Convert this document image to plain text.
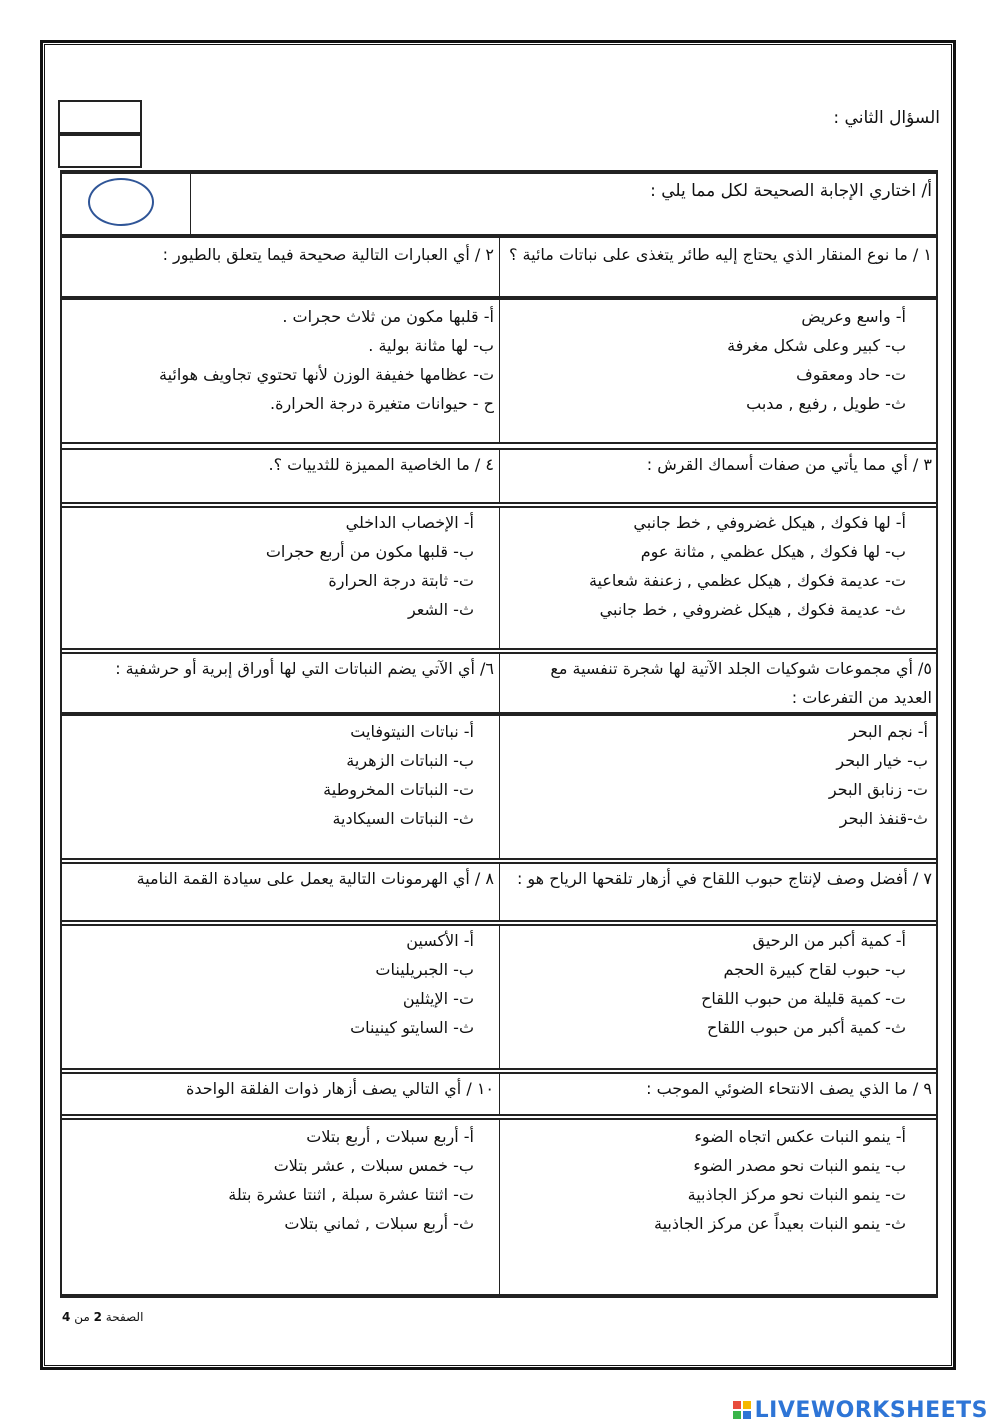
السؤال الثاني :
أ/ اختاري الإجابة الصحيحة لكل مما يلي :
١ / ما نوع المنقار الذي يحتاج إليه طائر يتغذى على نباتات مائية ؟
٢ / أي العبارات التالية صحيحة فيما يتعلق بالطيور :
أ- واسع وعريض
ب- كبير وعلى شكل مغرفة
ت- حاد ومعقوف
ث- طويل , رفيع , مدبب
أ- قلبها مكون من ثلاث حجرات .
ب- لها مثانة بولية .
ت- عظامها خفيفة الوزن لأنها تحتوي تجاويف هوائية
ح - حيوانات متغيرة درجة الحرارة.
٣ / أي مما يأتي من صفات أسماك القرش :
٤ / ما الخاصية المميزة للثدييات ؟.
أ- لها فكوك , هيكل غضروفي , خط جانبي
ب- لها فكوك , هيكل عظمي , مثانة عوم
ت- عديمة فكوك , هيكل عظمي , زعنفة شعاعية
ث- عديمة فكوك , هيكل غضروفي , خط جانبي
أ- الإخصاب الداخلي
ب- قلبها مكون من أربع حجرات
ت- ثابتة درجة الحرارة
ث- الشعر
٥/ أي مجموعات شوكيات الجلد الآتية لها شجرة تنفسية مع العديد من التفرعات :
٦/ أي الآتي يضم النباتات التي لها أوراق إبرية أو حرشفية :
أ- نجم البحر
ب- خيار البحر
ت- زنابق البحر
ث-قنفذ البحر
أ- نباتات النيتوفايت
ب- النباتات الزهرية
ت- النباتات المخروطية
ث- النباتات السيكادية
٧ / أفضل وصف لإنتاج حبوب اللقاح في أزهار تلقحها الرياح هو :
٨ / أي الهرمونات التالية يعمل على سيادة القمة النامية
أ- كمية أكبر من الرحيق
ب- حبوب لقاح كبيرة الحجم
ت- كمية قليلة من حبوب اللقاح
ث- كمية أكبر من حبوب اللقاح
أ- الأكسين
ب- الجبريلينات
ت- الإيثلين
ث- السايتو كينينات
٩ / ما الذي يصف الانتحاء الضوئي الموجب :
١٠ / أي التالي يصف أزهار ذوات الفلقة الواحدة
أ- ينمو النبات عكس اتجاه الضوء
ب- ينمو النبات نحو مصدر الضوء
ت- ينمو النبات نحو مركز الجاذبية
ث- ينمو النبات بعيداً عن مركز الجاذبية
أ- أربع سبلات , أربع بتلات
ب- خمس سبلات , عشر بتلات
ت- اثنتا عشرة سبلة , اثنتا عشرة بتلة
ث- أربع سبلات , ثماني بتلات
الصفحة 2 من 4
LIVEWORKSHEETS
